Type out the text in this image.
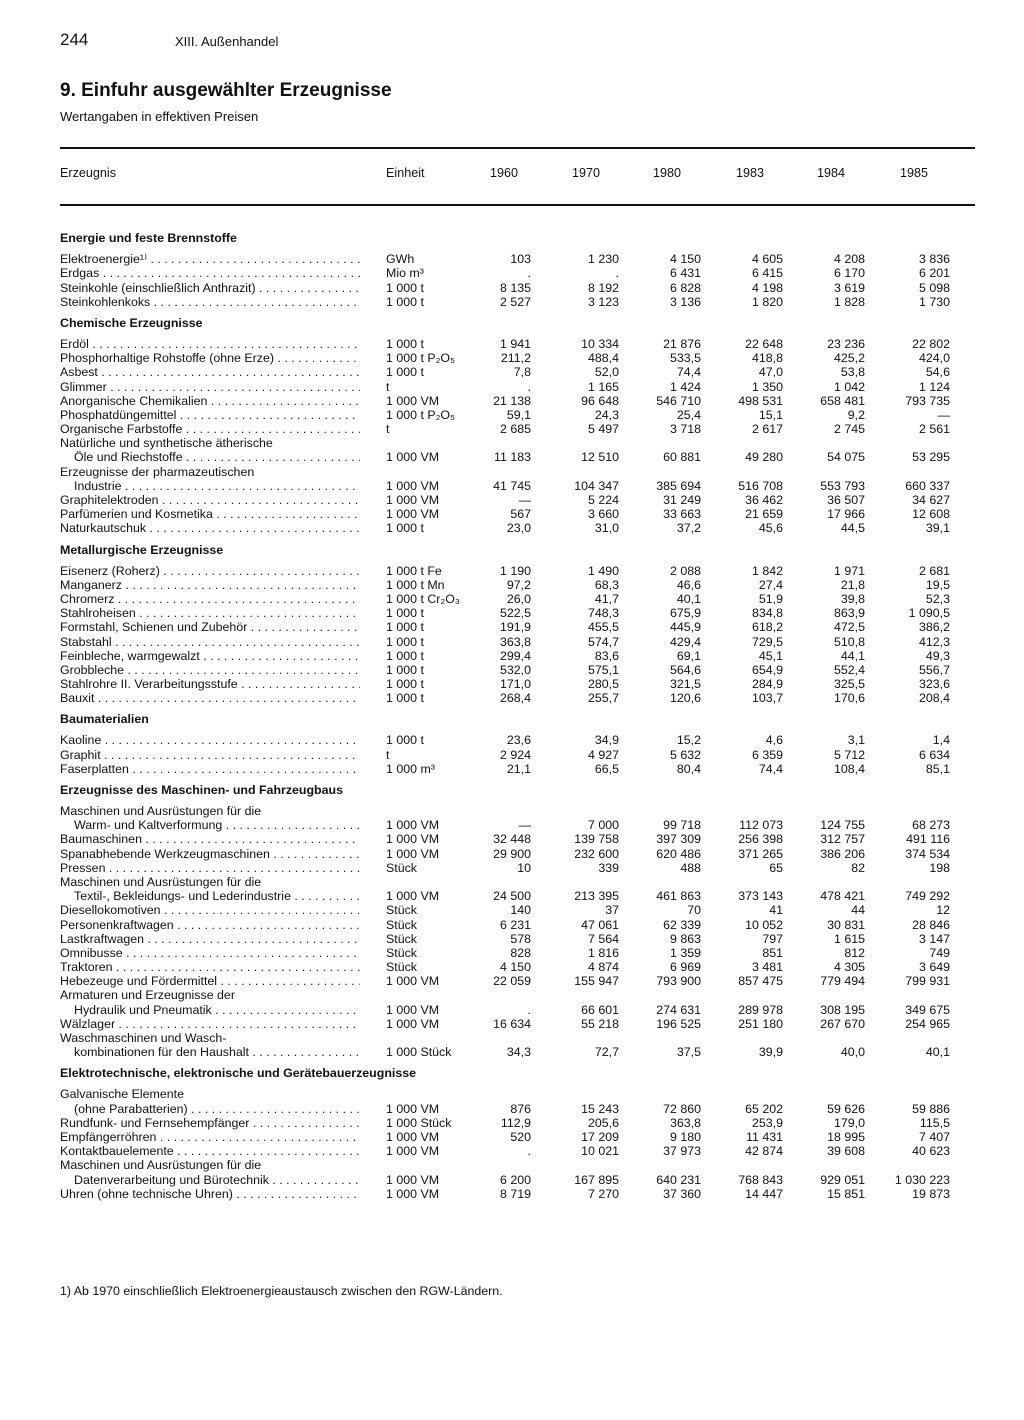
244	XIII. Außenhandel
9. Einfuhr ausgewählter Erzeugnisse
Wertangaben in effektiven Preisen
Erzeugnis	Einheit	1960	1970	1980	1983	1984	1985
Energie und feste Brennstoffe
Elektroenergie¹⁾ . . .	GWh	103	1 230	4 150	4 605	4 208	3 836
Erdgas . . .	Mio m³	.	.	6 431	6 415	6 170	6 201
Steinkohle (einschließlich Anthrazit) . . .	1 000 t	8 135	8 192	6 828	4 198	3 619	5 098
Steinkohlenkoks . . .	1 000 t	2 527	3 123	3 136	1 820	1 828	1 730
Chemische Erzeugnisse
Erdöl . . .	1 000 t	1 941	10 334	21 876	22 648	23 236	22 802
Phosphorhaltige Rohstoffe (ohne Erze) . . .	1 000 t P₂O₅	211,2	488,4	533,5	418,8	425,2	424,0
Asbest . . .	1 000 t	7,8	52,0	74,4	47,0	53,8	54,6
Glimmer . . .	t	.	1 165	1 424	1 350	1 042	1 124
Anorganische Chemikalien . . .	1 000 VM	21 138	96 648	546 710	498 531	658 481	793 735
Phosphatdüngemittel . . .	1 000 t P₂O₅	59,1	24,3	25,4	15,1	9,2	—
Organische Farbstoffe . . .	t	2 685	5 497	3 718	2 617	2 745	2 561
Natürliche und synthetische ätherische
Öle und Riechstoffe . . .	1 000 VM	11 183	12 510	60 881	49 280	54 075	53 295
Erzeugnisse der pharmazeutischen
Industrie . . .	1 000 VM	41 745	104 347	385 694	516 708	553 793	660 337
Graphitelektroden . . .	1 000 VM	—	5 224	31 249	36 462	36 507	34 627
Parfümerien und Kosmetika . . .	1 000 VM	567	3 660	33 663	21 659	17 966	12 608
Naturkautschuk . . .	1 000 t	23,0	31,0	37,2	45,6	44,5	39,1
Metallurgische Erzeugnisse
Eisenerz (Roherz) . . .	1 000 t Fe	1 190	1 490	2 088	1 842	1 971	2 681
Manganerz . . .	1 000 t Mn	97,2	68,3	46,6	27,4	21,8	19,5
Chromerz . . .	1 000 t Cr₂O₃	26,0	41,7	40,1	51,9	39,8	52,3
Stahlroheisen . . .	1 000 t	522,5	748,3	675,9	834,8	863,9	1 090,5
Formstahl, Schienen und Zubehör . . .	1 000 t	191,9	455,5	445,9	618,2	472,5	386,2
Stabstahl . . .	1 000 t	363,8	574,7	429,4	729,5	510,8	412,3
Feinbleche, warmgewalzt . . .	1 000 t	299,4	83,6	69,1	45,1	44,1	49,3
Grobbleche . . .	1 000 t	532,0	575,1	564,6	654,9	552,4	556,7
Stahlrohre II. Verarbeitungsstufe . . .	1 000 t	171,0	280,5	321,5	284,9	325,5	323,6
Bauxit . . .	1 000 t	268,4	255,7	120,6	103,7	170,6	208,4
Baumaterialien
Kaoline . . .	1 000 t	23,6	34,9	15,2	4,6	3,1	1,4
Graphit . . .	t	2 924	4 927	5 632	6 359	5 712	6 634
Faserplatten . . .	1 000 m³	21,1	66,5	80,4	74,4	108,4	85,1
Erzeugnisse des Maschinen- und Fahrzeugbaus
Maschinen und Ausrüstungen für die
Warm- und Kaltverformung . . .	1 000 VM	—	7 000	99 718	112 073	124 755	68 273
Baumaschinen . . .	1 000 VM	32 448	139 758	397 309	256 398	312 757	491 116
Spanabhebende Werkzeugmaschinen . . .	1 000 VM	29 900	232 600	620 486	371 265	386 206	374 534
Pressen . . .	Stück	10	339	488	65	82	198
Maschinen und Ausrüstungen für die
Textil-, Bekleidungs- und Lederindustrie . . .	1 000 VM	24 500	213 395	461 863	373 143	478 421	749 292
Diesellokomotiven . . .	Stück	140	37	70	41	44	12
Personenkraftwagen . . .	Stück	6 231	47 061	62 339	10 052	30 831	28 846
Lastkraftwagen . . .	Stück	578	7 564	9 863	797	1 615	3 147
Omnibusse . . .	Stück	828	1 816	1 359	851	812	749
Traktoren . . .	Stück	4 150	4 874	6 969	3 481	4 305	3 649
Hebezeuge und Fördermittel . . .	1 000 VM	22 059	155 947	793 900	857 475	779 494	799 931
Armaturen und Erzeugnisse der
Hydraulik und Pneumatik . . .	1 000 VM	.	66 601	274 631	289 978	308 195	349 675
Wälzlager . . .	1 000 VM	16 634	55 218	196 525	251 180	267 670	254 965
Waschmaschinen und Wasch-
kombinationen für den Haushalt . . .	1 000 Stück	34,3	72,7	37,5	39,9	40,0	40,1
Elektrotechnische, elektronische und Gerätebauerzeugnisse
Galvanische Elemente
(ohne Parabatterien) . . .	1 000 VM	876	15 243	72 860	65 202	59 626	59 886
Rundfunk- und Fernsehempfänger . . .	1 000 Stück	112,9	205,6	363,8	253,9	179,0	115,5
Empfängerröhren . . .	1 000 VM	520	17 209	9 180	11 431	18 995	7 407
Kontaktbauelemente . . .	1 000 VM	.	10 021	37 973	42 874	39 608	40 623
Maschinen und Ausrüstungen für die
Datenverarbeitung und Bürotechnik . . .	1 000 VM	6 200	167 895	640 231	768 843	929 051	1 030 223
Uhren (ohne technische Uhren) . . .	1 000 VM	8 719	7 270	37 360	14 447	15 851	19 873
1) Ab 1970 einschließlich Elektroenergieaustausch zwischen den RGW-Ländern.
